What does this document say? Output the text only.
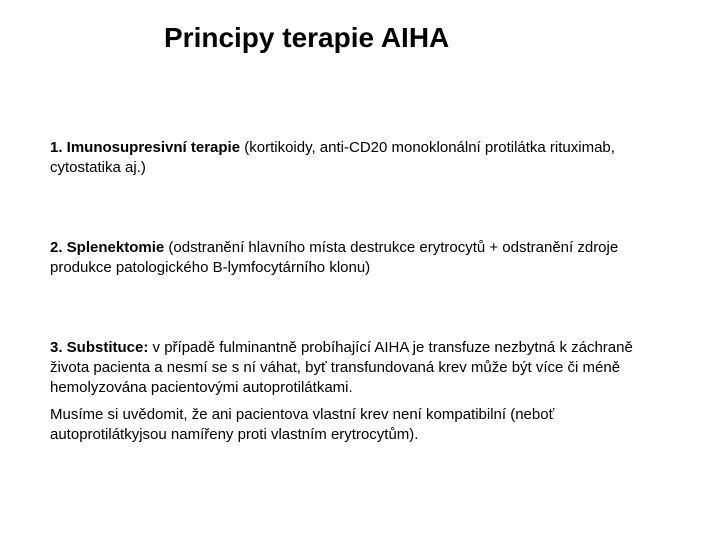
Principy terapie AIHA

1. Imunosupresivní terapie (kortikoidy, anti-CD20 monoklonální protilátka rituximab, cytostatika aj.)

2. Splenektomie (odstranění hlavního místa destrukce erytrocytů + odstranění zdroje produkce patologického B-lymfocytárního klonu)

3. Substituce: v případě fulminantně probíhající AIHA je transfuze nezbytná k záchraně života pacienta a nesmí se s ní váhat, byť transfundovaná krev může být více či méně hemolyzována pacientovými autoprotilátkami.

Musíme si uvědomit, že ani pacientova vlastní krev není kompatibilní (neboť autoprotilátkyjsou namířeny proti vlastním erytrocytům).
